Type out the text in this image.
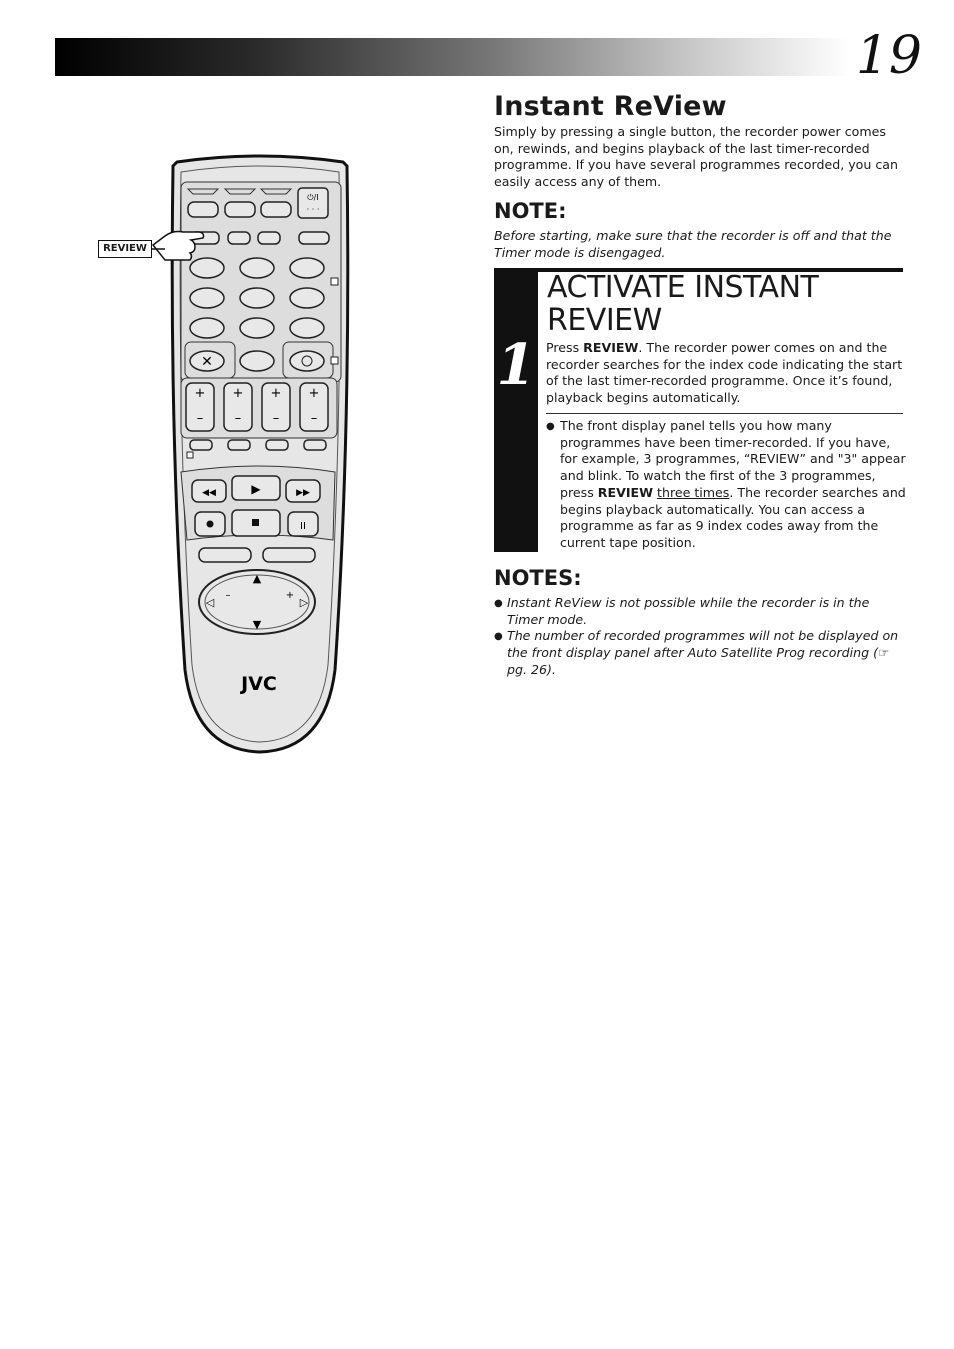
19
⏻/I
· · ·
✕
+
–
+
–
+
–
+
–
▶
◀◀	▶▶
II
▲
▼
◁	▷
–	+
JVC
REVIEW
Instant ReView
Simply by pressing a single button, the recorder power comes on, rewinds, and begins playback of the last timer-recorded programme. If you have several programmes recorded, you can easily access any of them.
NOTE:
Before starting, make sure that the recorder is off and that the Timer mode is disengaged.
1
ACTIVATE INSTANT
REVIEW
Press REVIEW. The recorder power comes on and the recorder searches for the index code indicating the start of the last timer-recorded programme. Once it’s found, playback begins automatically.
● The front display panel tells you how many programmes have been timer-recorded. If you have, for example, 3 programmes, “REVIEW” and "3" appear and blink. To watch the first of the 3 programmes, press REVIEW three times. The recorder searches and begins playback automatically. You can access a programme as far as 9 index codes away from the current tape position.
NOTES:
● Instant ReView is not possible while the recorder is in the Timer mode.
● The number of recorded programmes will not be displayed on the front display panel after Auto Satellite Prog recording (☞ pg. 26).
